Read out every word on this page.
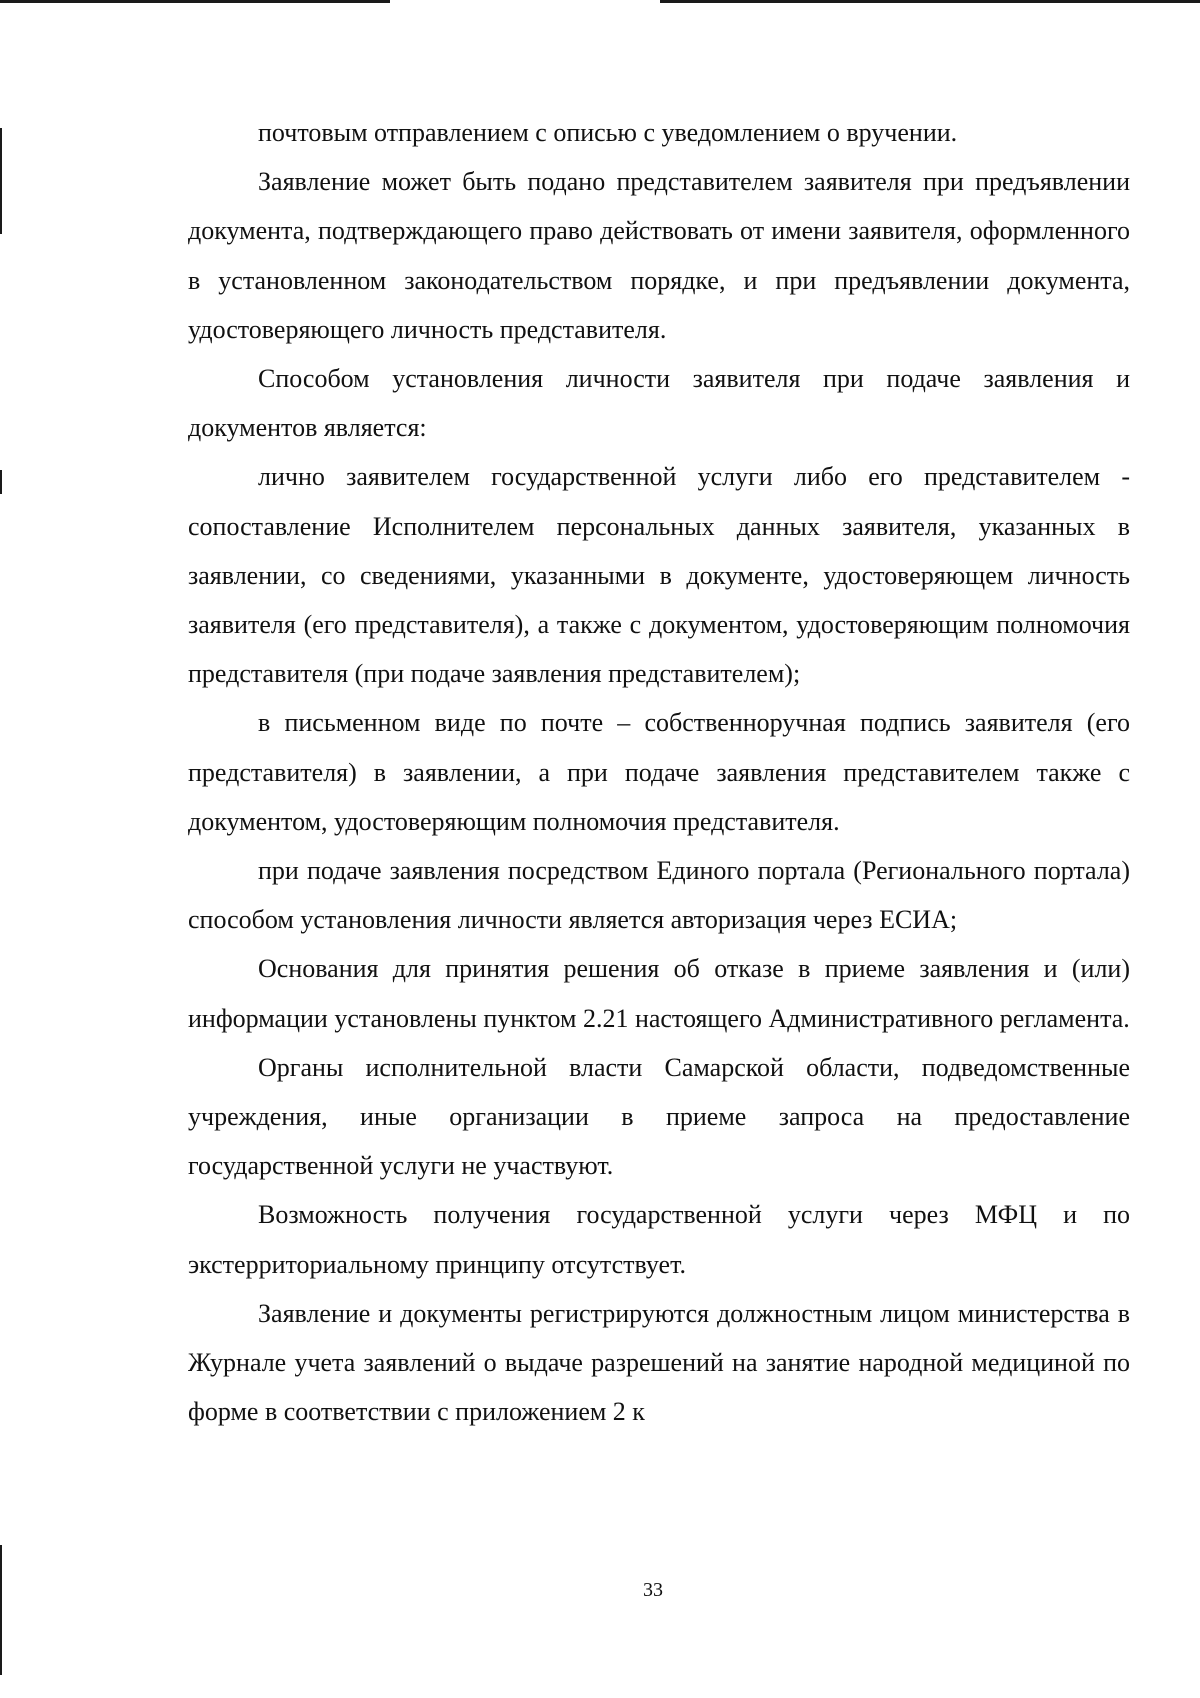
почтовым отправлением с описью с уведомлением о вручении.

Заявление может быть подано представителем заявителя при предъявлении документа, подтверждающего право действовать от имени заявителя, оформленного в установленном законодательством порядке, и при предъявлении документа, удостоверяющего личность представителя.

Способом установления личности заявителя при подаче заявления и документов является:

лично заявителем государственной услуги либо его представителем - сопоставление Исполнителем персональных данных заявителя, указанных в заявлении, со сведениями, указанными в документе, удостоверяющем личность заявителя (его представителя), а также с документом, удостоверяющим полномочия представителя (при подаче заявления представителем);

в письменном виде по почте – собственноручная подпись заявителя (его представителя) в заявлении, а при подаче заявления представителем также с документом, удостоверяющим полномочия представителя.

при подаче заявления посредством Единого портала (Регионального портала) способом установления личности является авторизация через ЕСИА;

Основания для принятия решения об отказе в приеме заявления и (или) информации установлены пунктом 2.21 настоящего Административного регламента.

Органы исполнительной власти Самарской области, подведомственные учреждения, иные организации в приеме запроса на предоставление государственной услуги не участвуют.

Возможность получения государственной услуги через МФЦ и по экстерриториальному принципу отсутствует.

Заявление и документы регистрируются должностным лицом министерства в Журнале учета заявлений о выдаче разрешений на занятие народной медициной по форме в соответствии с приложением 2 к

33
